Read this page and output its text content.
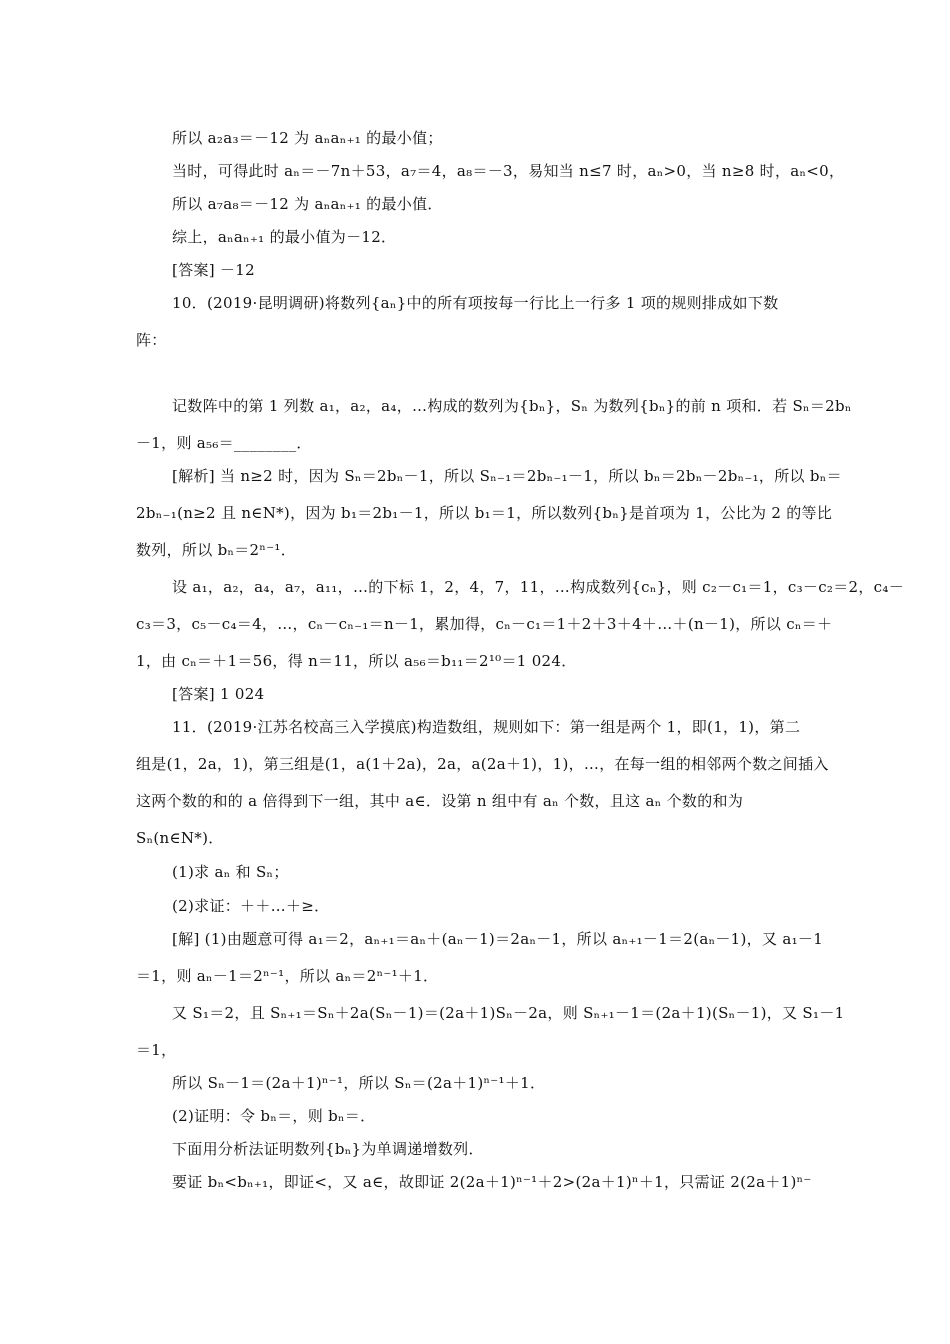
所以 a₂a₃＝－12 为 aₙaₙ₊₁ 的最小值；
当时，可得此时 aₙ＝－7n＋53，a₇＝4，a₈＝－3，易知当 n≤7 时，aₙ>0，当 n≥8 时，aₙ<0，
所以 a₇a₈＝－12 为 aₙaₙ₊₁ 的最小值．
综上，aₙaₙ₊₁ 的最小值为－12．
[答案] －12
10．(2019·昆明调研)将数列{aₙ}中的所有项按每一行比上一行多 1 项的规则排成如下数
阵：
记数阵中的第 1 列数 a₁，a₂，a₄，…构成的数列为{bₙ}，Sₙ 为数列{bₙ}的前 n 项和．若 Sₙ＝2bₙ
－1，则 a₅₆＝________．
[解析] 当 n≥2 时，因为 Sₙ＝2bₙ－1，所以 Sₙ₋₁＝2bₙ₋₁－1，所以 bₙ＝2bₙ－2bₙ₋₁，所以 bₙ＝
2bₙ₋₁(n≥2 且 n∈N*)，因为 b₁＝2b₁－1，所以 b₁＝1，所以数列{bₙ}是首项为 1，公比为 2 的等比
数列，所以 bₙ＝2ⁿ⁻¹．
设 a₁，a₂，a₄，a₇，a₁₁，…的下标 1，2，4，7，11，…构成数列{cₙ}，则 c₂－c₁＝1，c₃－c₂＝2，c₄－
c₃＝3，c₅－c₄＝4，…，cₙ－cₙ₋₁＝n－1，累加得，cₙ－c₁＝1＋2＋3＋4＋…＋(n－1)，所以 cₙ＝＋
1，由 cₙ＝＋1＝56，得 n＝11，所以 a₅₆＝b₁₁＝2¹⁰＝1 024．
[答案] 1 024
11．(2019·江苏名校高三入学摸底)构造数组，规则如下：第一组是两个 1，即(1，1)，第二
组是(1，2a，1)，第三组是(1，a(1＋2a)，2a，a(2a＋1)，1)，…，在每一组的相邻两个数之间插入
这两个数的和的 a 倍得到下一组，其中 a∈．设第 n 组中有 aₙ 个数，且这 aₙ 个数的和为
Sₙ(n∈N*)．
(1)求 aₙ 和 Sₙ；
(2)求证：＋＋…＋≥．
[解] (1)由题意可得 a₁＝2，aₙ₊₁＝aₙ＋(aₙ－1)＝2aₙ－1，所以 aₙ₊₁－1＝2(aₙ－1)，又 a₁－1
＝1，则 aₙ－1＝2ⁿ⁻¹，所以 aₙ＝2ⁿ⁻¹＋1．
又 S₁＝2，且 Sₙ₊₁＝Sₙ＋2a(Sₙ－1)＝(2a＋1)Sₙ－2a，则 Sₙ₊₁－1＝(2a＋1)(Sₙ－1)，又 S₁－1
＝1，
所以 Sₙ－1＝(2a＋1)ⁿ⁻¹，所以 Sₙ＝(2a＋1)ⁿ⁻¹＋1．
(2)证明：令 bₙ＝，则 bₙ＝．
下面用分析法证明数列{bₙ}为单调递增数列．
要证 bₙ<bₙ₊₁，即证<，又 a∈，故即证 2(2a＋1)ⁿ⁻¹＋2>(2a＋1)ⁿ＋1，只需证 2(2a＋1)ⁿ⁻
